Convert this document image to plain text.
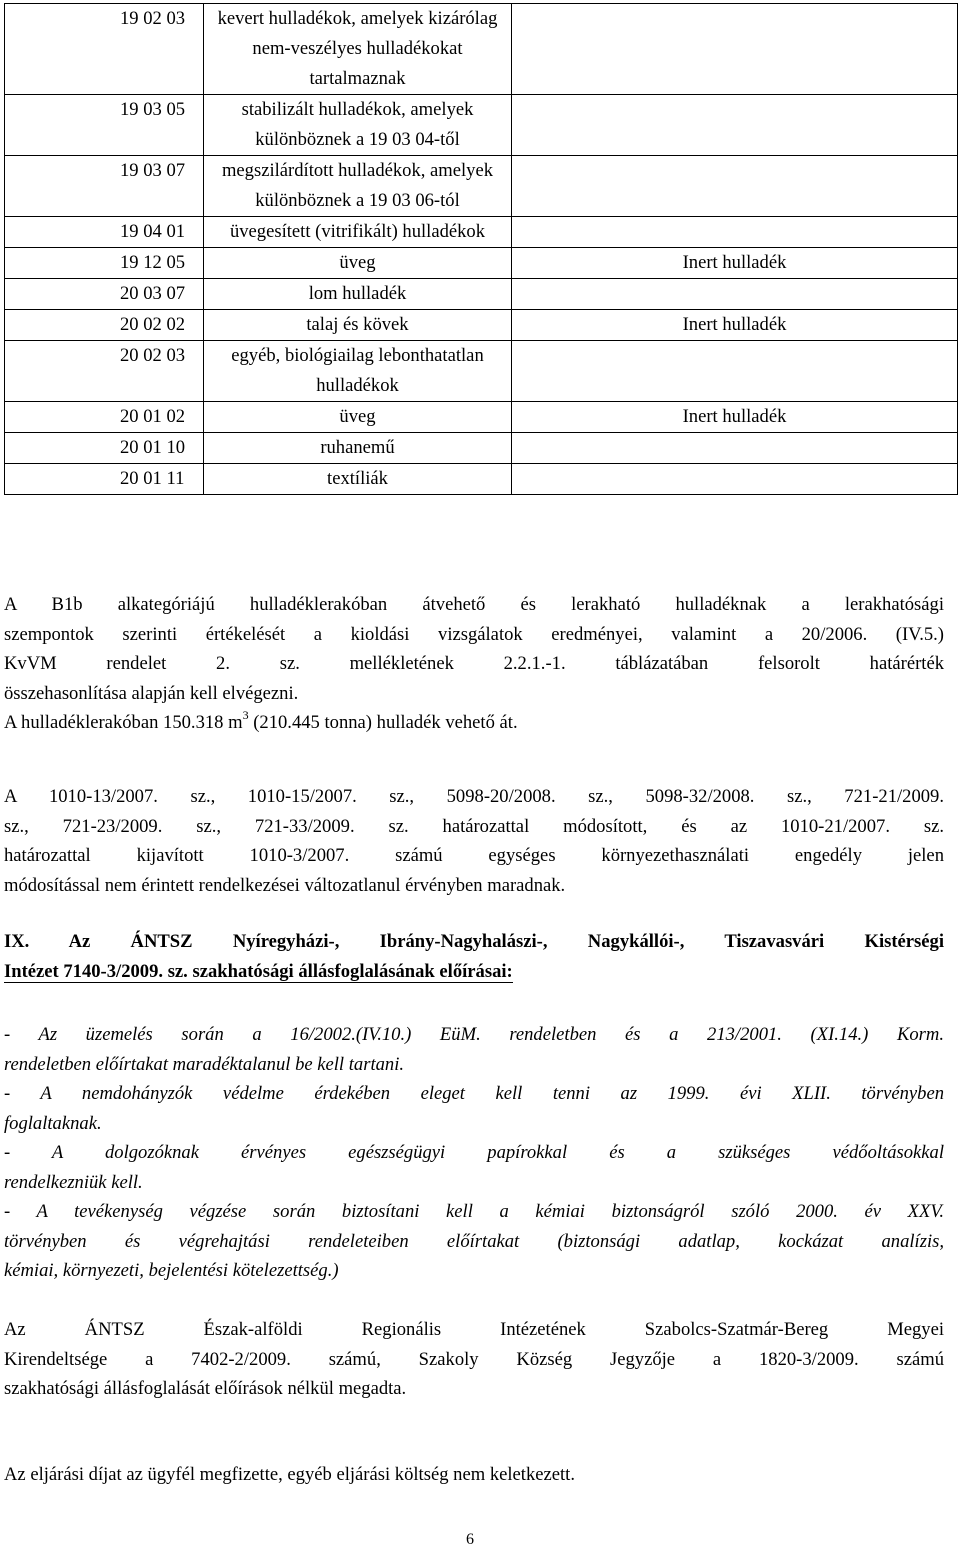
19 02 03	kevert hulladékok, amelyek kizárólag nem-veszélyes hulladékokat tartalmaznak	
19 03 05	stabilizált hulladékok, amelyek különböznek a 19 03 04-től	
19 03 07	megszilárdított hulladékok, amelyek különböznek a 19 03 06-tól	
19 04 01	üvegesített (vitrifikált) hulladékok	
19 12 05	üveg	Inert hulladék
20 03 07	lom hulladék	
20 02 02	talaj és kövek	Inert hulladék
20 02 03	egyéb, biológiailag lebonthatatlan hulladékok	
20 01 02	üveg	Inert hulladék
20 01 10	ruhanemű	
20 01 11	textíliák	
A B1b alkategóriájú hulladéklerakóban átvehető és lerakható hulladéknak a lerakhatósági
szempontok szerinti értékelését a kioldási vizsgálatok eredményei, valamint a 20/2006. (IV.5.)
KvVM rendelet 2. sz. mellékletének 2.2.1.-1. táblázatában felsorolt határérték
összehasonlítása alapján kell elvégezni.
A hulladéklerakóban 150.318 $m^3$ (210.445 tonna) hulladék vehető át.
A 1010-13/2007. sz., 1010-15/2007. sz., 5098-20/2008. sz., 5098-32/2008. sz., 721-21/2009.
sz., 721-23/2009. sz., 721-33/2009. sz. határozattal módosított, és az 1010-21/2007. sz.
határozattal kijavított 1010-3/2007. számú egységes környezethasználati engedély jelen
módosítással nem érintett rendelkezései változatlanul érvényben maradnak.
IX. Az ÁNTSZ Nyíregyházi-, Ibrány-Nagyhalászi-, Nagykállói-, Tiszavasvári Kistérségi
Intézet 7140-3/2009. sz. szakhatósági állásfoglalásának előírásai:
- Az üzemelés során a 16/2002.(IV.10.) EüM. rendeletben és a 213/2001. (XI.14.) Korm.
rendeletben előírtakat maradéktalanul be kell tartani.
- A nemdohányzók védelme érdekében eleget kell tenni az 1999. évi XLII. törvényben
foglaltaknak.
- A dolgozóknak érvényes egészségügyi papírokkal és a szükséges védőoltásokkal
rendelkezniük kell.
- A tevékenység végzése során biztosítani kell a kémiai biztonságról szóló 2000. év XXV.
törvényben és végrehajtási rendeleteiben előírtakat (biztonsági adatlap, kockázat analízis,
kémiai, környezeti, bejelentési kötelezettség.)
Az ÁNTSZ Észak-alföldi Regionális Intézetének Szabolcs-Szatmár-Bereg Megyei
Kirendeltsége a 7402-2/2009. számú, Szakoly Község Jegyzője a 1820-3/2009. számú
szakhatósági állásfoglalását előírások nélkül megadta.
Az eljárási díjat az ügyfél megfizette, egyéb eljárási költség nem keletkezett.
6
